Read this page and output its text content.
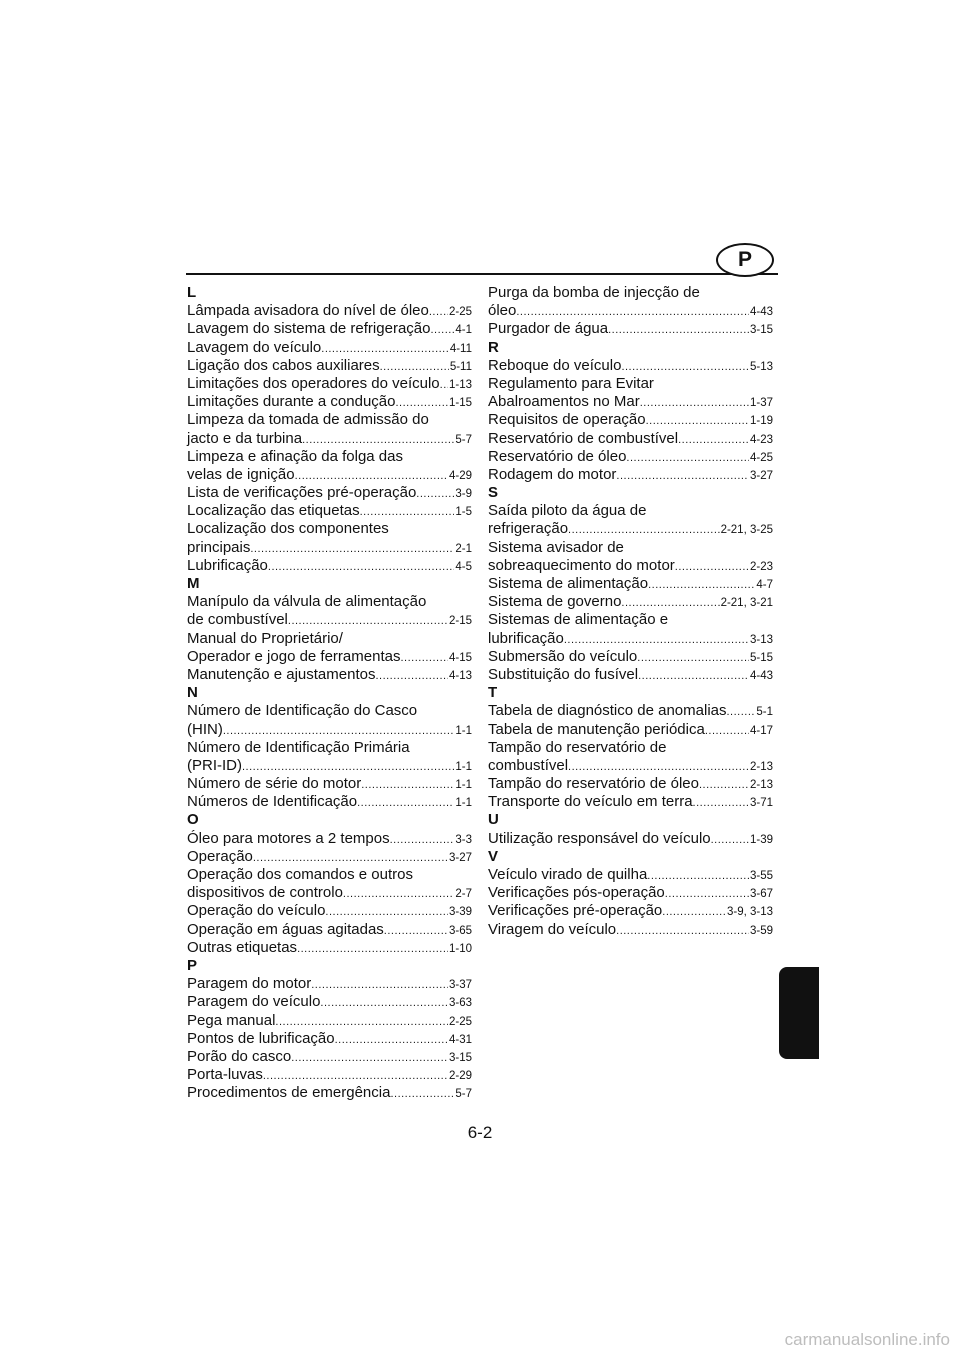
P
L
Lâmpada avisadora do nível de óleo ..... 2-25
Lavagem do sistema de refrigeração ..... 4-1
Lavagem do veículo .....	4-11
Ligação dos cabos auxiliares .....	5-11
Limitações dos operadores do veículo ..... 1-13
Limitações durante a condução .....	1-15
Limpeza da tomada de admissão do
jacto e da turbina .....	5-7
Limpeza e afinação da folga das
velas de ignição .....	4-29
Lista de verificações pré-operação .....	3-9
Localização das etiquetas .....	1-5
Localização dos componentes
principais .....	2-1
Lubrificação .....	4-5
M
Manípulo da válvula de alimentação
de combustível .....	2-15
Manual do Proprietário/
Operador e jogo de ferramentas .....	4-15
Manutenção e ajustamentos .....	4-13
N
Número de Identificação do Casco
(HIN) .....	1-1
Número de Identificação Primária
(PRI-ID) .....	1-1
Número de série do motor .....	1-1
Números de Identificação .....	1-1
O
Óleo para motores a 2 tempos .....	3-3
Operação .....	3-27
Operação dos comandos e outros
dispositivos de controlo .....	2-7
Operação do veículo .....	3-39
Operação em águas agitadas .....	3-65
Outras etiquetas .....	1-10
P
Paragem do motor .....	3-37
Paragem do veículo .....	3-63
Pega manual .....	2-25
Pontos de lubrificação .....	4-31
Porão do casco .....	3-15
Porta-luvas .....	2-29
Procedimentos de emergência .....	5-7
Purga da bomba de injecção de
óleo .....	4-43
Purgador de água .....	3-15
R
Reboque do veículo .....	5-13
Regulamento para Evitar
Abalroamentos no Mar .....	1-37
Requisitos de operação .....	1-19
Reservatório de combustível .....	4-23
Reservatório de óleo .....	4-25
Rodagem do motor .....	3-27
S
Saída piloto da água de
refrigeração .....	2-21, 3-25
Sistema avisador de
sobreaquecimento do motor .....	2-23
Sistema de alimentação .....	4-7
Sistema de governo .....	2-21, 3-21
Sistemas de alimentação e
lubrificação .....	3-13
Submersão do veículo .....	5-15
Substituição do fusível .....	4-43
T
Tabela de diagnóstico de anomalias .....	5-1
Tabela de manutenção periódica .....	4-17
Tampão do reservatório de
combustível .....	2-13
Tampão do reservatório de óleo .....	2-13
Transporte do veículo em terra .....	3-71
U
Utilização responsável do veículo .....	1-39
V
Veículo virado de quilha .....	3-55
Verificações pós-operação .....	3-67
Verificações pré-operação .....	3-9, 3-13
Viragem do veículo .....	3-59
6-2
carmanualsonline.info
